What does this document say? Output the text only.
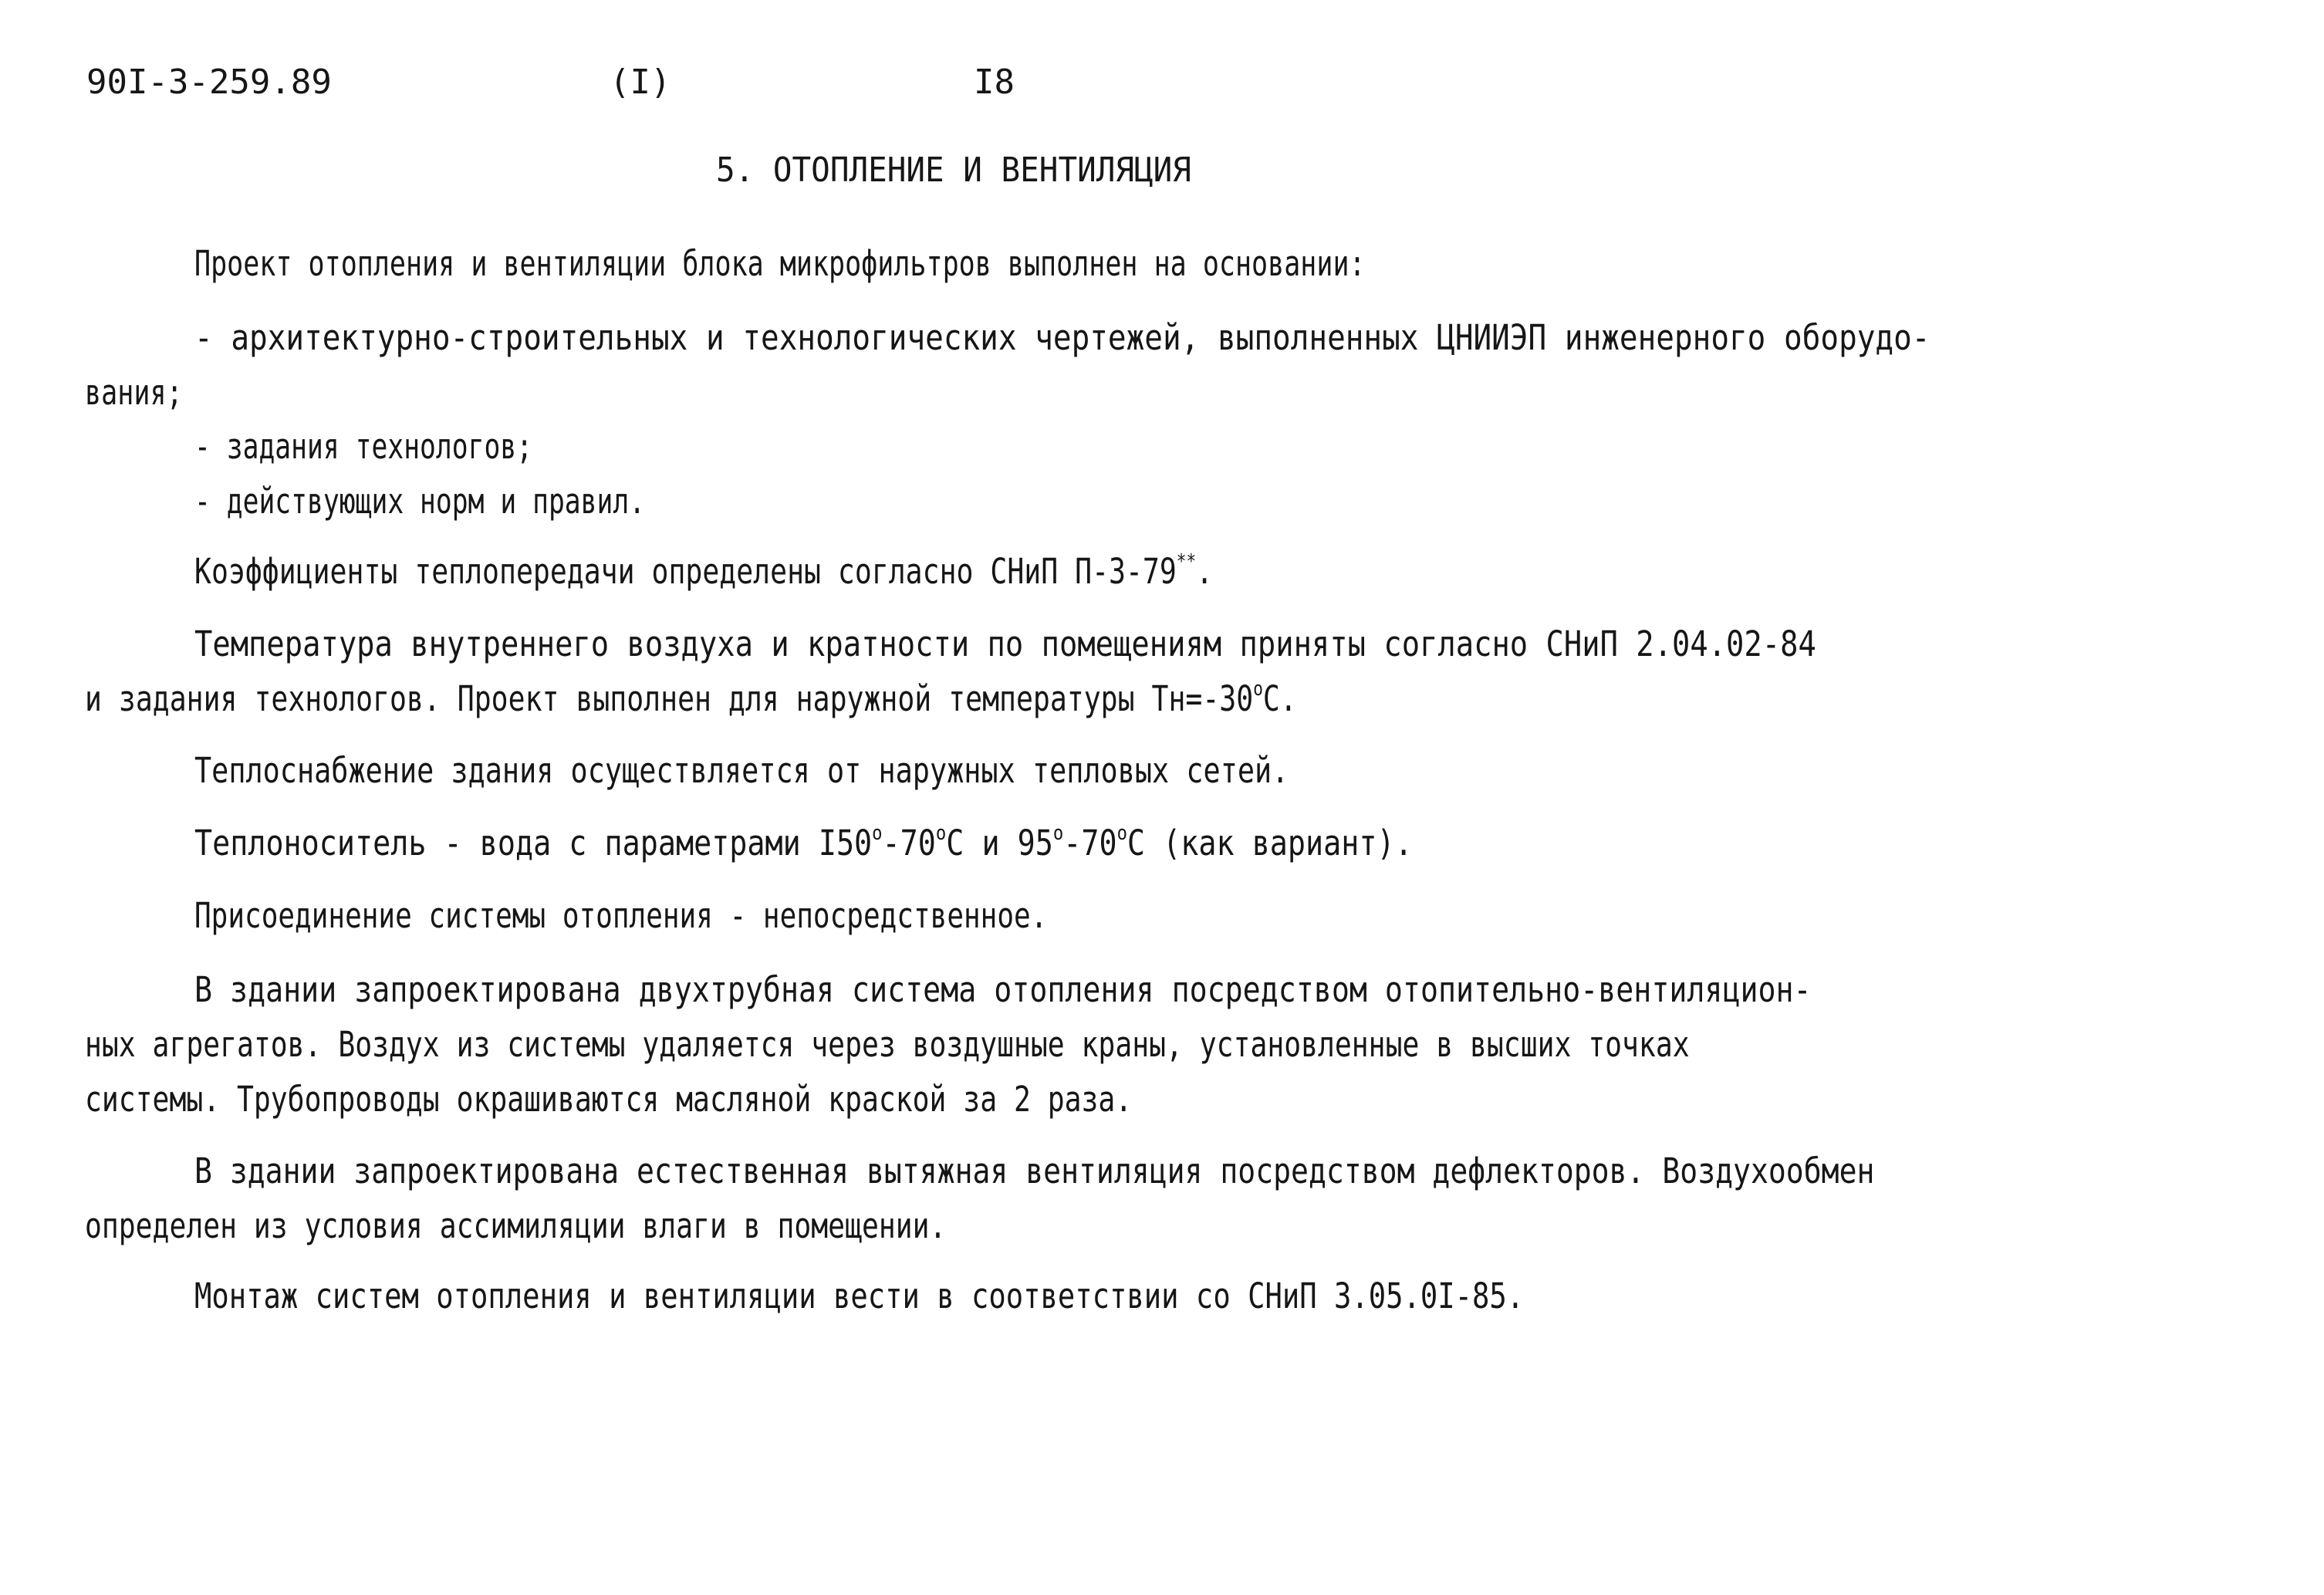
90I-3-259.89	(I)	I8
5. ОТОПЛЕНИЕ И ВЕНТИЛЯЦИЯ
Проект отопления и вентиляции блока микрофильтров выполнен на основании:
- архитектурно-строительных и технологических чертежей, выполненных ЦНИИЭП инженерного оборудо-
вания;
- задания технологов;
- действующих норм и правил.
Коэффициенты теплопередачи определены согласно СНиП П-3-79**.
Температура внутреннего воздуха и кратности по помещениям приняты согласно СНиП 2.04.02-84
и задания технологов. Проект выполнен для наружной температуры $Тн=-30^оС$.
Теплоснабжение здания осуществляется от наружных тепловых сетей.
Теплоноситель - вода с параметрами $I50^о-70^оС$ и $95^о-70^оС$ (как вариант).
Присоединение системы отопления - непосредственное.
В здании запроектирована двухтрубная система отопления посредством отопительно-вентиляцион-
ных агрегатов. Воздух из системы удаляется через воздушные краны, установленные в высших точках
системы. Трубопроводы окрашиваются масляной краской за 2 раза.
В здании запроектирована естественная вытяжная вентиляция посредством дефлекторов. Воздухообмен
определен из условия ассимиляции влаги в помещении.
Монтаж систем отопления и вентиляции вести в соответствии со СНиП 3.05.0I-85.
